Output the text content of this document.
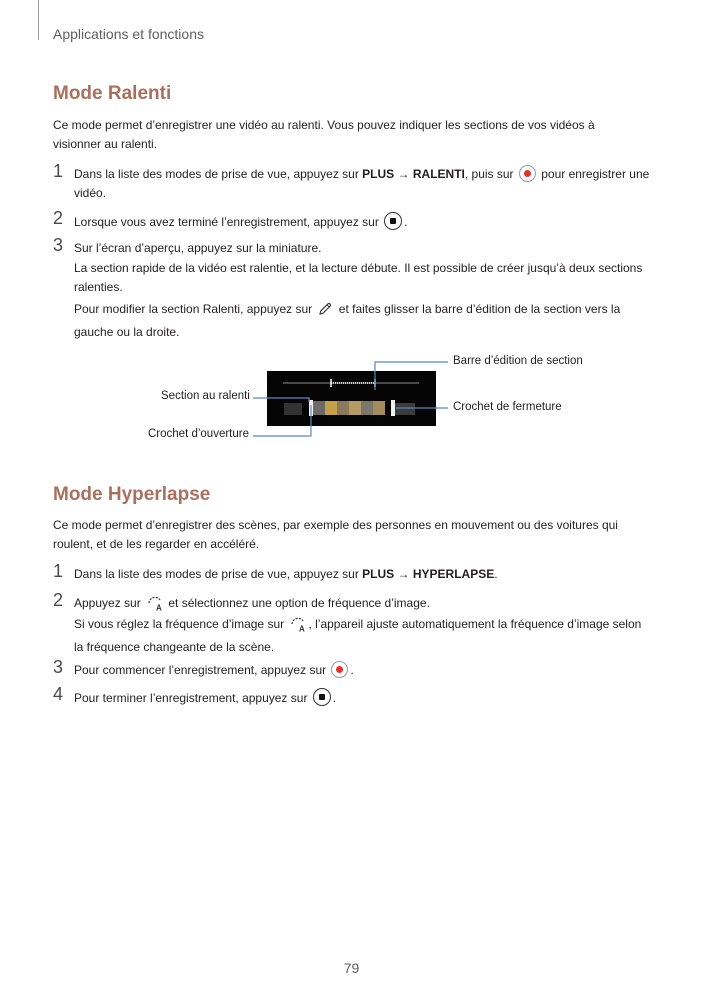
Applications et fonctions
Mode Ralenti
Ce mode permet d’enregistrer une vidéo au ralenti. Vous pouvez indiquer les sections de vos vidéos à
visionner au ralenti.
1 Dans la liste des modes de prise de vue, appuyez sur PLUS → RALENTI, puis sur  pour enregistrer une
vidéo.
2 Lorsque vous avez terminé l’enregistrement, appuyez sur .
3 Sur l’écran d’aperçu, appuyez sur la miniature.
La section rapide de la vidéo est ralentie, et la lecture débute. Il est possible de créer jusqu’à deux sections
ralenties.
Pour modifier la section Ralenti, appuyez sur  et faites glisser la barre d’édition de la section vers la
gauche ou la droite.
Barre d’édition de section
Section au ralenti
Crochet de fermeture
Crochet d’ouverture
Mode Hyperlapse
Ce mode permet d’enregistrer des scènes, par exemple des personnes en mouvement ou des voitures qui
roulent, et de les regarder en accéléré.
1 Dans la liste des modes de prise de vue, appuyez sur PLUS → HYPERLAPSE.
2 Appuyez sur A et sélectionnez une option de fréquence d’image.
Si vous réglez la fréquence d’image sur A , l’appareil ajuste automatiquement la fréquence d’image selon
la fréquence changeante de la scène.
3 Pour commencer l’enregistrement, appuyez sur .
4 Pour terminer l’enregistrement, appuyez sur .
79
